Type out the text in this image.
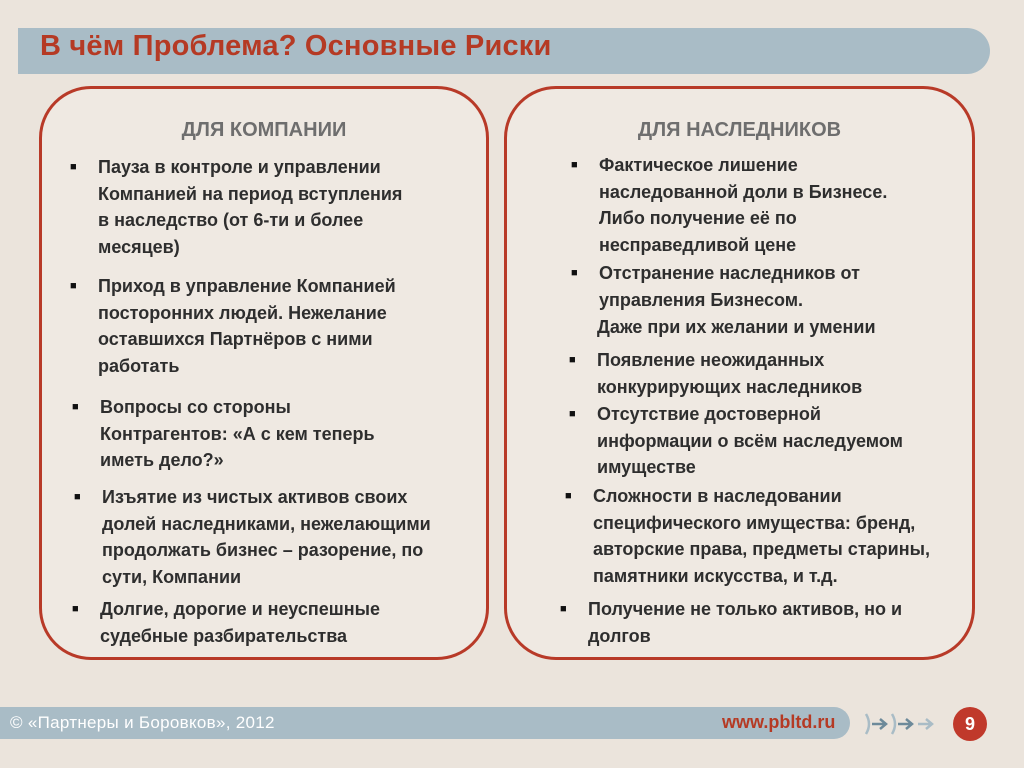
В чём Проблема? Основные Риски
ДЛЯ КОМПАНИИ

■ Пауза в контроле и управлении
Компанией на период вступления
в наследство (от 6-ти и более
месяцев)

■ Приход в управление Компанией
посторонних людей. Нежелание
оставшихся Партнёров с ними
работать

■ Вопросы со стороны
Контрагентов: «А с кем теперь
иметь дело?»

■ Изъятие из чистых активов своих
долей наследниками, нежелающими
продолжать бизнес – разорение, по
сути, Компании

■ Долгие, дорогие и неуспешные
судебные разбирательства

ДЛЯ НАСЛЕДНИКОВ

■ Фактическое лишение
наследованной доли в Бизнесе.
Либо получение её по
несправедливой цене

■ Отстранение наследников от
управления Бизнесом.

Даже при их желании и умении

■ Появление неожиданных
конкурирующих наследников

■ Отсутствие достоверной
информации о всём наследуемом
имуществе

■ Сложности в наследовании
специфического имущества: бренд,
авторские права, предметы старины,
памятники искусства, и т.д.

■ Получение не только активов, но и
долгов

© «Партнеры и Боровков», 2012	www.pbltd.ru	9
